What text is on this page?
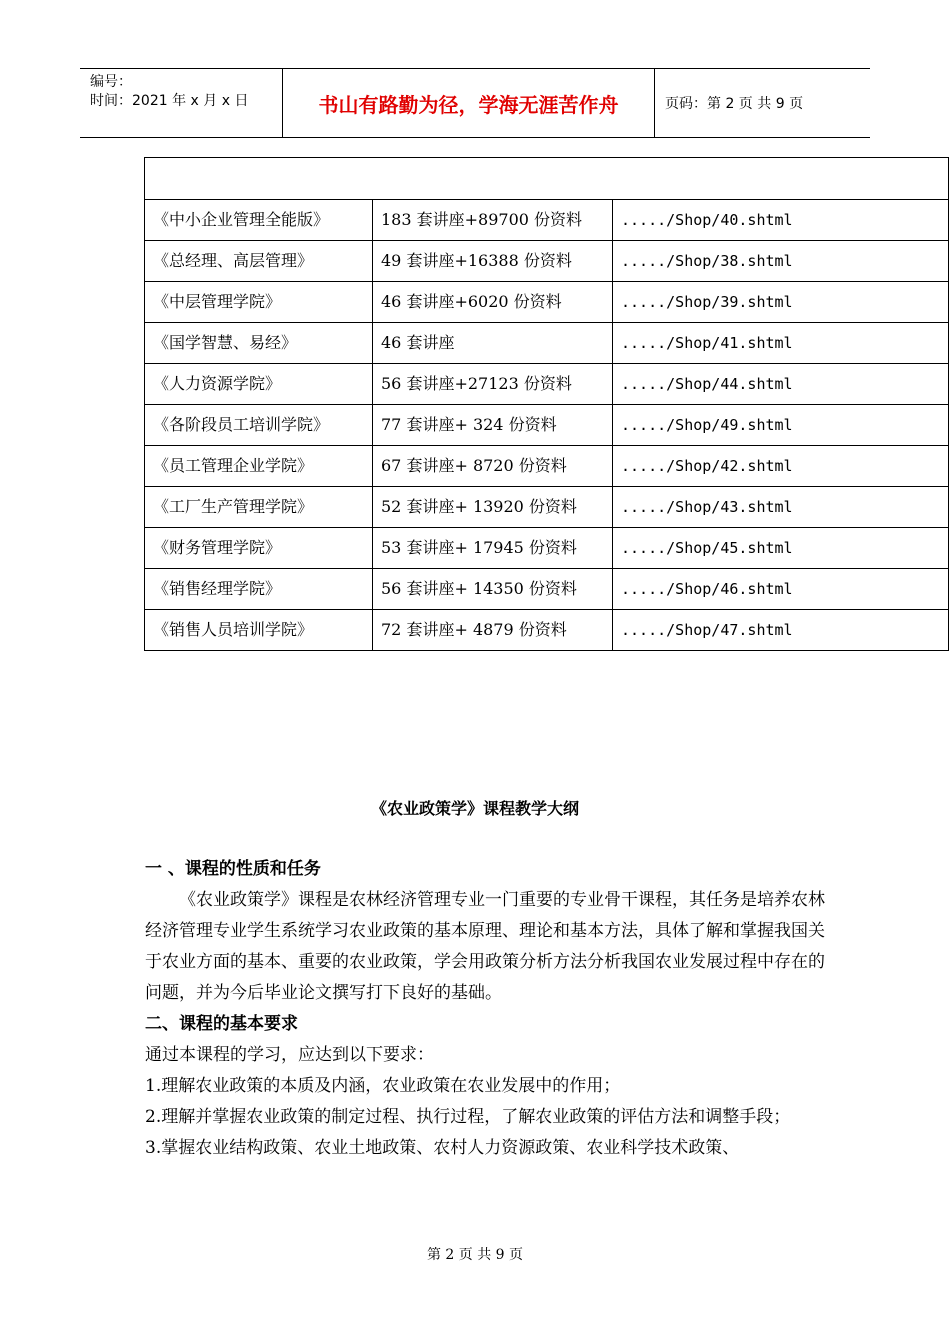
编号：
时间：2021 年 x 月 x 日	书山有路勤为径，学海无涯苦作舟	页码：第 2 页 共 9 页

《中小企业管理全能版》	183 套讲座+89700 份资料	...../Shop/40.shtml
《总经理、高层管理》	49 套讲座+16388 份资料	...../Shop/38.shtml
《中层管理学院》	46 套讲座+6020 份资料	...../Shop/39.shtml
《国学智慧、易经》	46 套讲座	...../Shop/41.shtml
《人力资源学院》	56 套讲座+27123 份资料	...../Shop/44.shtml
《各阶段员工培训学院》	77 套讲座+ 324 份资料	...../Shop/49.shtml
《员工管理企业学院》	67 套讲座+ 8720 份资料	...../Shop/42.shtml
《工厂生产管理学院》	52 套讲座+ 13920 份资料	...../Shop/43.shtml
《财务管理学院》	53 套讲座+ 17945 份资料	...../Shop/45.shtml
《销售经理学院》	56 套讲座+ 14350 份资料	...../Shop/46.shtml
《销售人员培训学院》	72 套讲座+ 4879 份资料	...../Shop/47.shtml
《农业政策学》课程教学大纲
一 、课程的性质和任务

《农业政策学》课程是农林经济管理专业一门重要的专业骨干课程，其任务是培养农林经济管理专业学生系统学习农业政策的基本原理、理论和基本方法，具体了解和掌握我国关于农业方面的基本、重要的农业政策，学会用政策分析方法分析我国农业发展过程中存在的问题，并为今后毕业论文撰写打下良好的基础。

二、课程的基本要求

通过本课程的学习，应达到以下要求：

1.理解农业政策的本质及内涵，农业政策在农业发展中的作用；

2.理解并掌握农业政策的制定过程、执行过程，了解农业政策的评估方法和调整手段；

3.掌握农业结构政策、农业土地政策、农村人力资源政策、农业科学技术政策、

第 2 页 共 9 页
